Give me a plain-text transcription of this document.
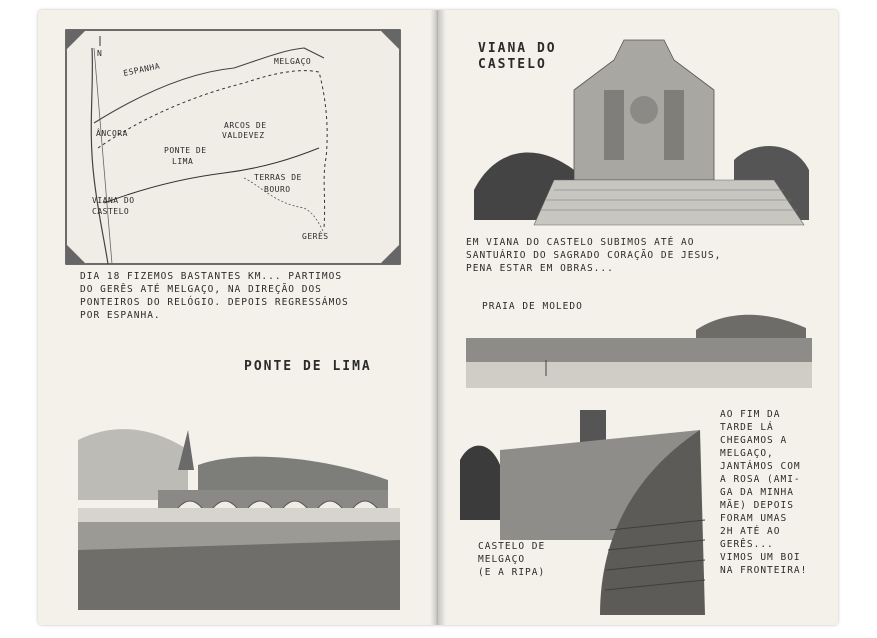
N
ESPANHA	MELGAÇO
ÂNCORA
ARCOS DE
VALDEVEZ
PONTE DE
LIMA
TERRAS DE
BOURO
VIANA DO
CASTELO
GERÊS
DIA 18 FIZEMOS BASTANTES KM... PARTIMOS
DO GERÊS ATÉ MELGAÇO, NA DIREÇÃO DOS
PONTEIROS DO RELÓGIO. DEPOIS REGRESSÁMOS
POR ESPANHA.
PONTE DE LIMA
VIANA DO
CASTELO
EM VIANA DO CASTELO SUBIMOS ATÉ AO
SANTUÁRIO DO SAGRADO CORAÇÃO DE JESUS,
PENA ESTAR EM OBRAS...
PRAIA DE MOLEDO
CASTELO DE
MELGAÇO
(E A RIPA)
AO FIM DA
TARDE LÁ
CHEGAMOS A
MELGAÇO,
JANTÁMOS COM
A ROSA (AMI-
GA DA MINHA
MÃE) DEPOIS
FORAM UMAS
2H ATÉ AO
GERÊS...
VIMOS UM BOI
NA FRONTEIRA!
